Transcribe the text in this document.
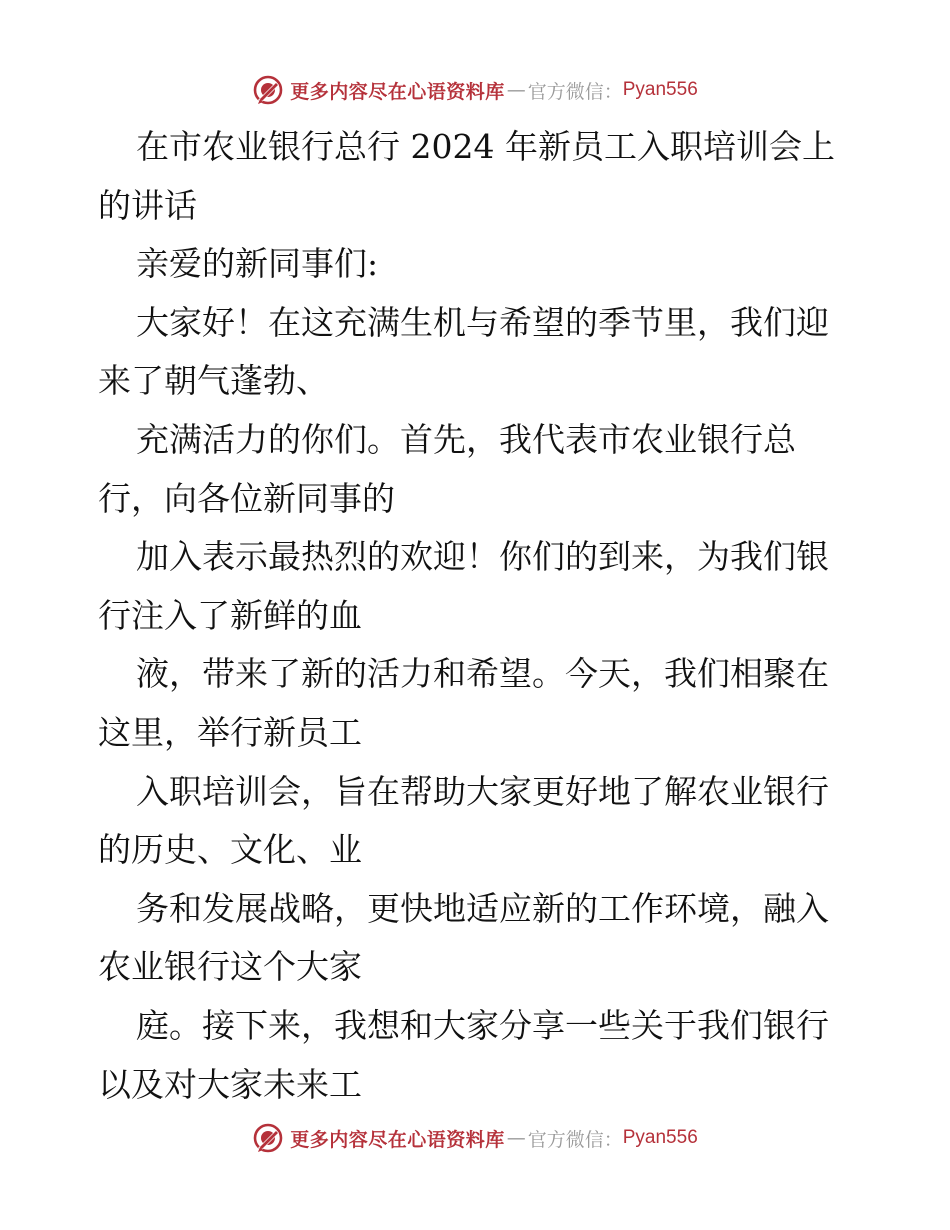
更多内容尽在心语资料库 — 官方微信： Pyan556
在市农业银行总行 2024 年新员工入职培训会上
的讲话
亲爱的新同事们:
大家好！在这充满生机与希望的季节里，我们迎
来了朝气蓬勃、
充满活力的你们。首先，我代表市农业银行总
行，向各位新同事的
加入表示最热烈的欢迎！你们的到来，为我们银
行注入了新鲜的血
液，带来了新的活力和希望。今天，我们相聚在
这里，举行新员工
入职培训会，旨在帮助大家更好地了解农业银行
的历史、文化、业
务和发展战略，更快地适应新的工作环境，融入
农业银行这个大家
庭。接下来，我想和大家分享一些关于我们银行
以及对大家未来工
更多内容尽在心语资料库 — 官方微信： Pyan556
